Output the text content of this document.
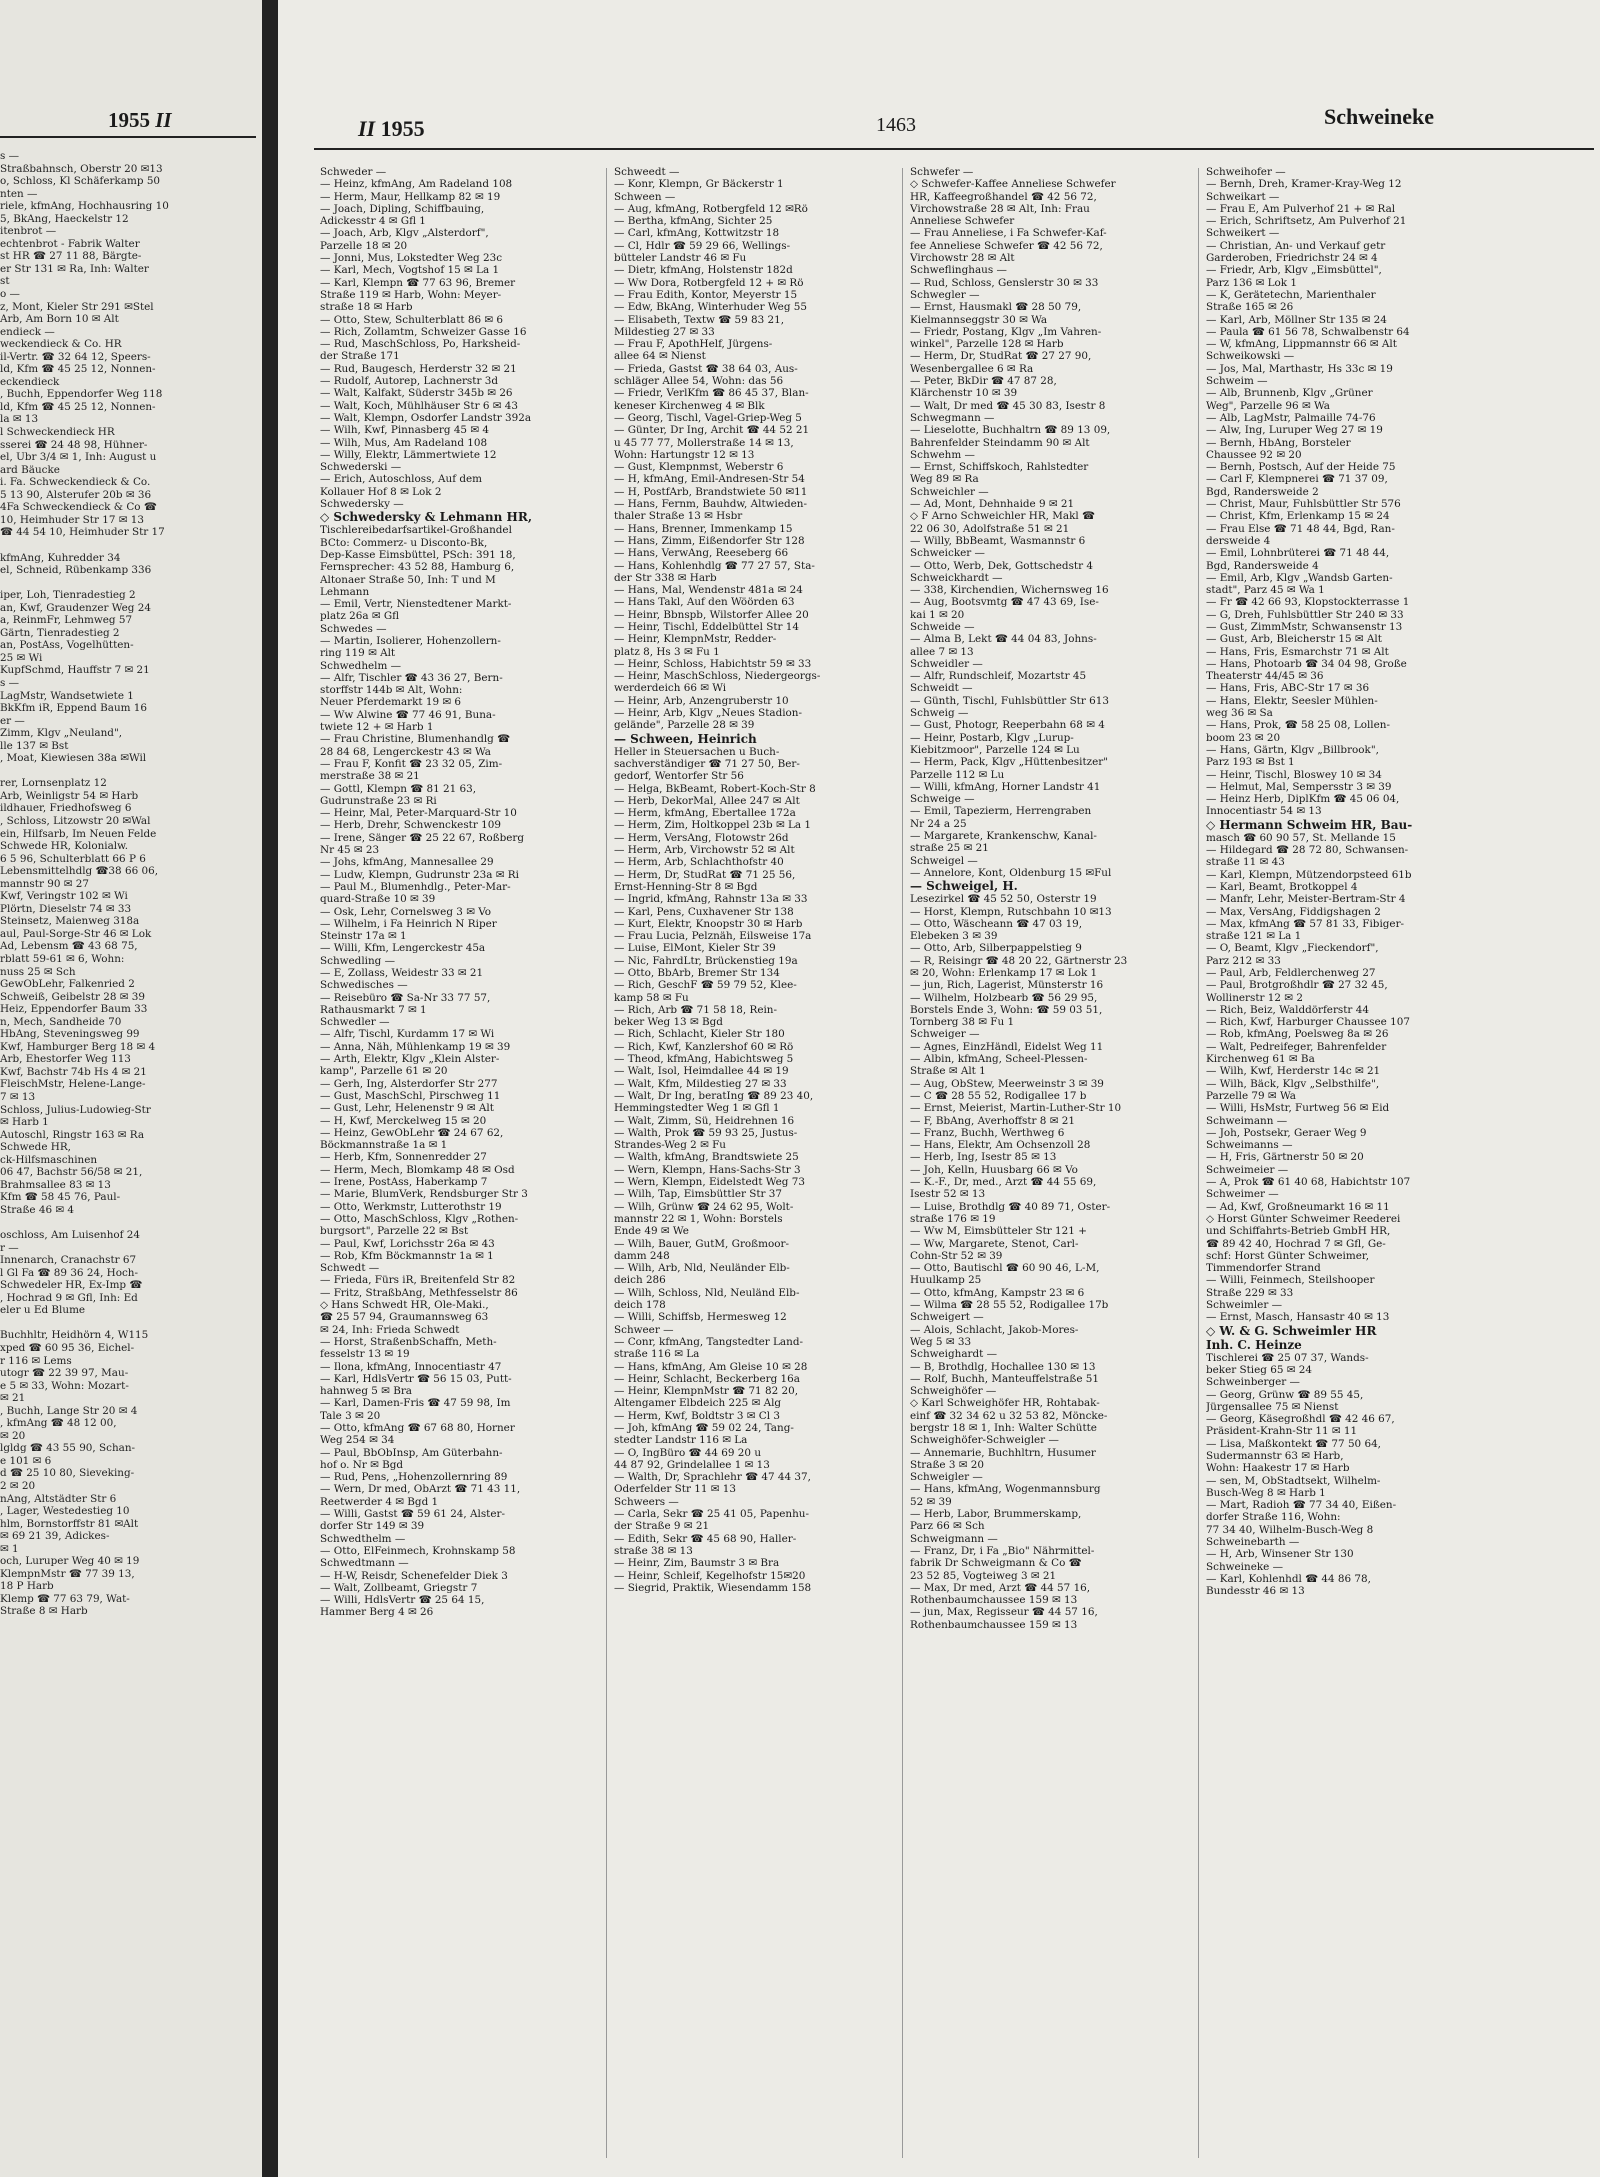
1955 II
s —
Straßbahnsch, Oberstr 20 ✉13
o, Schloss, Kl Schäferkamp 50
nten —
riele, kfmAng, Hochhausring 10
5, BkAng, Haeckelstr 12
itenbrot —
echtenbrot - Fabrik Walter
st HR ☎ 27 11 88, Bärgte-
er Str 131 ✉ Ra, Inh: Walter
st
o —
z, Mont, Kieler Str 291 ✉Stel
Arb, Am Born 10 ✉ Alt
endieck —
weckendieck & Co. HR
il-Vertr. ☎ 32 64 12, Speers-
ld, Kfm ☎ 45 25 12, Nonnen-
eckendieck
, Buchh, Eppendorfer Weg 118
ld, Kfm ☎ 45 25 12, Nonnen-
la ✉ 13
l Schweckendieck HR
sserei ☎ 24 48 98, Hühner-
el, Ubr 3/4 ✉ 1, Inh: August u
ard Bäucke
i. Fa. Schweckendieck & Co.
5 13 90, Alsterufer 20b ✉ 36
4Fa Schweckendieck & Co ☎
10, Heimhuder Str 17 ✉ 13
☎ 44 54 10, Heimhuder Str 17

kfmAng, Kuhredder 34
el, Schneid, Rübenkamp 336

iper, Loh, Tienradestieg 2
an, Kwf, Graudenzer Weg 24
a, ReinmFr, Lehmweg 57
Gärtn, Tienradestieg 2
an, PostAss, Vogelhütten-
25 ✉ Wi
KupfSchmd, Hauffstr 7 ✉ 21
s —
LagMstr, Wandsetwiete 1
BkKfm iR, Eppend Baum 16
er —
Zimm, Klgv „Neuland",
lle 137 ✉ Bst
, Moat, Kiewiesen 38a ✉Wil

rer, Lornsenplatz 12
Arb, Weinligstr 54 ✉ Harb
ildhauer, Friedhofsweg 6
, Schloss, Litzowstr 20 ✉Wal
ein, Hilfsarb, Im Neuen Felde
Schwede HR, Kolonialw.
6 5 96, Schulterblatt 66 P 6
Lebensmittelhdlg ☎38 66 06,
mannstr 90 ✉ 27
Kwf, Veringstr 102 ✉ Wi
Plörtn, Dieselstr 74 ✉ 33
Steinsetz, Maienweg 318a
aul, Paul-Sorge-Str 46 ✉ Lok
Ad, Lebensm ☎ 43 68 75,
rblatt 59-61 ✉ 6, Wohn:
nuss 25 ✉ Sch
GewObLehr, Falkenried 2
Schweiß, Geibelstr 28 ✉ 39
Heiz, Eppendorfer Baum 33
n, Mech, Sandheide 70
HbAng, Steveningsweg 99
Kwf, Hamburger Berg 18 ✉ 4
Arb, Ehestorfer Weg 113
Kwf, Bachstr 74b Hs 4 ✉ 21
FleischMstr, Helene-Lange-
7 ✉ 13
Schloss, Julius-Ludowieg-Str
✉ Harb 1
Autoschl, Ringstr 163 ✉ Ra
Schwede HR,
ck-Hilfsmaschinen
06 47, Bachstr 56/58 ✉ 21,
Brahmsallee 83 ✉ 13
Kfm ☎ 58 45 76, Paul-
Straße 46 ✉ 4

oschloss, Am Luisenhof 24
r —
Innenarch, Cranachstr 67
l Gl Fa ☎ 89 36 24, Hoch-
Schwedeler HR, Ex-Imp ☎
, Hochrad 9 ✉ Gfl, Inh: Ed
eler u Ed Blume

Buchhltr, Heidhörn 4, W115
xped ☎ 60 95 36, Eichel-
r 116 ✉ Lems
utogr ☎ 22 39 97, Mau-
e 5 ✉ 33, Wohn: Mozart-
✉ 21
, Buchh, Lange Str 20 ✉ 4
, kfmAng ☎ 48 12 00,
✉ 20
lgldg ☎ 43 55 90, Schan-
e 101 ✉ 6
d ☎ 25 10 80, Sieveking-
2 ✉ 20
nAng, Altstädter Str 6
, Lager, Westedestieg 10
hlm, Bornstorffstr 81 ✉Alt
✉ 69 21 39, Adickes-
✉ 1
och, Luruper Weg 40 ✉ 19
KlempnMstr ☎ 77 39 13,
18 P Harb
Klemp ☎ 77 63 79, Wat-
Straße 8 ✉ Harb
II 1955	1463	Schweineke
Schweder —
— Heinz, kfmAng, Am Radeland 108
— Herm, Maur, Hellkamp 82 ✉ 19
— Joach, Dipling, Schiffbauing,
Adickesstr 4 ✉ Gfl 1
— Joach, Arb, Klgv „Alsterdorf",
Parzelle 18 ✉ 20
— Jonni, Mus, Lokstedter Weg 23c
— Karl, Mech, Vogtshof 15 ✉ La 1
— Karl, Klempn ☎ 77 63 96, Bremer
Straße 119 ✉ Harb, Wohn: Meyer-
straße 18 ✉ Harb
— Otto, Stew, Schulterblatt 86 ✉ 6
— Rich, Zollamtm, Schweizer Gasse 16
— Rud, MaschSchloss, Po, Harksheid-
der Straße 171
— Rud, Baugesch, Herderstr 32 ✉ 21
— Rudolf, Autorep, Lachnerstr 3d
— Walt, Kalfakt, Süderstr 345b ✉ 26
— Walt, Koch, Mühlhäuser Str 6 ✉ 43
— Walt, Klempn, Osdorfer Landstr 392a
— Wilh, Kwf, Pinnasberg 45 ✉ 4
— Wilh, Mus, Am Radeland 108
— Willy, Elektr, Lämmertwiete 12
Schwederski —
— Erich, Autoschloss, Auf dem
Kollauer Hof 8 ✉ Lok 2
Schwedersky —
◇ Schwedersky & Lehmann HR,
Tischlereibedarfsartikel-Großhandel
BCto: Commerz- u Disconto-Bk,
Dep-Kasse Eimsbüttel, PSch: 391 18,
Fernsprecher: 43 52 88, Hamburg 6,
Altonaer Straße 50, Inh: T und M
Lehmann
— Emil, Vertr, Nienstedtener Markt-
platz 26a ✉ Gfl
Schwedes —
— Martin, Isolierer, Hohenzollern-
ring 119 ✉ Alt
Schwedhelm —
— Alfr, Tischler ☎ 43 36 27, Bern-
storffstr 144b ✉ Alt, Wohn:
Neuer Pferdemarkt 19 ✉ 6
— Ww Alwine ☎ 77 46 91, Buna-
twiete 12 + ✉ Harb 1
— Frau Christine, Blumenhandlg ☎
28 84 68, Lengerckestr 43 ✉ Wa
— Frau F, Konfit ☎ 23 32 05, Zim-
merstraße 38 ✉ 21
— Gottl, Klempn ☎ 81 21 63,
Gudrunstraße 23 ✉ Ri
— Heinr, Mal, Peter-Marquard-Str 10
— Herb, Drehr, Schwenckestr 109
— Irene, Sänger ☎ 25 22 67, Roßberg
Nr 45 ✉ 23
— Johs, kfmAng, Mannesallee 29
— Ludw, Klempn, Gudrunstr 23a ✉ Ri
— Paul M., Blumenhdlg., Peter-Mar-
quard-Straße 10 ✉ 39
— Osk, Lehr, Cornelsweg 3 ✉ Vo
— Wilhelm, i Fa Heinrich N Riper
Steinstr 17a ✉ 1
— Willi, Kfm, Lengerckestr 45a
Schwedling —
— E, Zollass, Weidestr 33 ✉ 21
Schwedisches —
— Reisebüro ☎ Sa-Nr 33 77 57,
Rathausmarkt 7 ✉ 1
Schwedler —
— Alfr, Tischl, Kurdamm 17 ✉ Wi
— Anna, Näh, Mühlenkamp 19 ✉ 39
— Arth, Elektr, Klgv „Klein Alster-
kamp", Parzelle 61 ✉ 20
— Gerh, Ing, Alsterdorfer Str 277
— Gust, MaschSchl, Pirschweg 11
— Gust, Lehr, Helenenstr 9 ✉ Alt
— H, Kwf, Merckelweg 15 ✉ 20
— Heinz, GewObLehr ☎ 24 67 62,
Böckmannstraße 1a ✉ 1
— Herb, Kfm, Sonnenredder 27
— Herm, Mech, Blomkamp 48 ✉ Osd
— Irene, PostAss, Haberkamp 7
— Marie, BlumVerk, Rendsburger Str 3
— Otto, Werkmstr, Lutterothstr 19
— Otto, MaschSchloss, Klgv „Rothen-
burgsort", Parzelle 22 ✉ Bst
— Paul, Kwf, Lorichsstr 26a ✉ 43
— Rob, Kfm Böckmannstr 1a ✉ 1
Schwedt —
— Frieda, Fürs iR, Breitenfeld Str 82
— Fritz, StraßbAng, Methfesselstr 86
◇ Hans Schwedt HR, Ole-Maki.,
☎ 25 57 94, Graumannsweg 63
✉ 24, Inh: Frieda Schwedt
— Horst, StraßenbSchaffn, Meth-
fesselstr 13 ✉ 19
— Ilona, kfmAng, Innocentiastr 47
— Karl, HdlsVertr ☎ 56 15 03, Putt-
hahnweg 5 ✉ Bra
— Karl, Damen-Fris ☎ 47 59 98, Im
Tale 3 ✉ 20
— Otto, kfmAng ☎ 67 68 80, Horner
Weg 254 ✉ 34
— Paul, BbObInsp, Am Güterbahn-
hof o. Nr ✉ Bgd
— Rud, Pens, „Hohenzollernring 89
— Wern, Dr med, ObArzt ☎ 71 43 11,
Reetwerder 4 ✉ Bgd 1
— Willi, Gastst ☎ 59 61 24, Alster-
dorfer Str 149 ✉ 39
Schwedthelm —
— Otto, ElFeinmech, Krohnskamp 58
Schwedtmann —
— H-W, Reisdr, Schenefelder Diek 3
— Walt, Zollbeamt, Griegstr 7
— Willi, HdlsVertr ☎ 25 64 15,
Hammer Berg 4 ✉ 26
Schweedt —
— Konr, Klempn, Gr Bäckerstr 1
Schween —
— Aug, kfmAng, Rotbergfeld 12 ✉Rö
— Bertha, kfmAng, Sichter 25
— Carl, kfmAng, Kottwitzstr 18
— Cl, Hdlr ☎ 59 29 66, Wellings-
bütteler Landstr 46 ✉ Fu
— Dietr, kfmAng, Holstenstr 182d
— Ww Dora, Rotbergfeld 12 + ✉ Rö
— Frau Edith, Kontor, Meyerstr 15
— Edw, BkAng, Winterhuder Weg 55
— Elisabeth, Textw ☎ 59 83 21,
Mildestieg 27 ✉ 33
— Frau F, ApothHelf, Jürgens-
allee 64 ✉ Nienst
— Frieda, Gastst ☎ 38 64 03, Aus-
schläger Allee 54, Wohn: das 56
— Friedr, VerlKfm ☎ 86 45 37, Blan-
keneser Kirchenweg 4 ✉ Blk
— Georg, Tischl, Vagel-Griep-Weg 5
— Günter, Dr Ing, Archit ☎ 44 52 21
u 45 77 77, Mollerstraße 14 ✉ 13,
Wohn: Hartungstr 12 ✉ 13
— Gust, Klempnmst, Weberstr 6
— H, kfmAng, Emil-Andresen-Str 54
— H, PostfArb, Brandstwiete 50 ✉11
— Hans, Fernm, Bauhdw, Altwieden-
thaler Straße 13 ✉ Hsbr
— Hans, Brenner, Immenkamp 15
— Hans, Zimm, Eißendorfer Str 128
— Hans, VerwAng, Reeseberg 66
— Hans, Kohlenhdlg ☎ 77 27 57, Sta-
der Str 338 ✉ Harb
— Hans, Mal, Wendenstr 481a ✉ 24
— Hans Takl, Auf den Wöörden 63
— Heinr, Bbnspb, Wilstorfer Allee 20
— Heinr, Tischl, Eddelbüttel Str 14
— Heinr, KlempnMstr, Redder-
platz 8, Hs 3 ✉ Fu 1
— Heinr, Schloss, Habichtstr 59 ✉ 33
— Heinr, MaschSchloss, Niedergeorgs-
werderdeich 66 ✉ Wi
— Heinr, Arb, Anzengruberstr 10
— Heinr, Arb, Klgv „Neues Stadion-
gelände", Parzelle 28 ✉ 39
— Schween, Heinrich
Heller in Steuersachen u Buch-
sachverständiger ☎ 71 27 50, Ber-
gedorf, Wentorfer Str 56
— Helga, BkBeamt, Robert-Koch-Str 8
— Herb, DekorMal, Allee 247 ✉ Alt
— Herm, kfmAng, Ebertallee 172a
— Herm, Zim, Holtkoppel 23b ✉ La 1
— Herm, VersAng, Flotowstr 26d
— Herm, Arb, Virchowstr 52 ✉ Alt
— Herm, Arb, Schlachthofstr 40
— Herm, Dr, StudRat ☎ 71 25 56,
Ernst-Henning-Str 8 ✉ Bgd
— Ingrid, kfmAng, Rahnstr 13a ✉ 33
— Karl, Pens, Cuxhavener Str 138
— Kurt, Elektr, Knoopstr 30 ✉ Harb
— Frau Lucia, Pelznäh, Eilsweise 17a
— Luise, ElMont, Kieler Str 39
— Nic, FahrdLtr, Brückenstieg 19a
— Otto, BbArb, Bremer Str 134
— Rich, GeschF ☎ 59 79 52, Klee-
kamp 58 ✉ Fu
— Rich, Arb ☎ 71 58 18, Rein-
beker Weg 13 ✉ Bgd
— Rich, Schlacht, Kieler Str 180
— Rich, Kwf, Kanzlershof 60 ✉ Rö
— Theod, kfmAng, Habichtsweg 5
— Walt, Isol, Heimdallee 44 ✉ 19
— Walt, Kfm, Mildestieg 27 ✉ 33
— Walt, Dr Ing, beratIng ☎ 89 23 40,
Hemmingstedter Weg 1 ✉ Gfl 1
— Walt, Zimm, Sü, Heidrehnen 16
— Walth, Prok ☎ 59 93 25, Justus-
Strandes-Weg 2 ✉ Fu
— Walth, kfmAng, Brandtswiete 25
— Wern, Klempn, Hans-Sachs-Str 3
— Wern, Klempn, Eidelstedt Weg 73
— Wilh, Tap, Eimsbüttler Str 37
— Wilh, Grünw ☎ 24 62 95, Wolt-
mannstr 22 ✉ 1, Wohn: Borstels
Ende 49 ✉ We
— Wilh, Bauer, GutM, Großmoor-
damm 248
— Wilh, Arb, Nld, Neuländer Elb-
deich 286
— Wilh, Schloss, Nld, Neuländ Elb-
deich 178
— Willi, Schiffsb, Hermesweg 12
Schweer —
— Conr, kfmAng, Tangstedter Land-
straße 116 ✉ La
— Hans, kfmAng, Am Gleise 10 ✉ 28
— Heinr, Schlacht, Beckerberg 16a
— Heinr, KlempnMstr ☎ 71 82 20,
Altengamer Elbdeich 225 ✉ Alg
— Herm, Kwf, Boldtstr 3 ✉ Cl 3
— Joh, kfmAng ☎ 59 02 24, Tang-
stedter Landstr 116 ✉ La
— O, IngBüro ☎ 44 69 20 u
44 87 92, Grindelallee 1 ✉ 13
— Walth, Dr, Sprachlehr ☎ 47 44 37,
Oderfelder Str 11 ✉ 13
Schweers —
— Carla, Sekr ☎ 25 41 05, Papenhu-
der Straße 9 ✉ 21
— Edith, Sekr ☎ 45 68 90, Haller-
straße 38 ✉ 13
— Heinr, Zim, Baumstr 3 ✉ Bra
— Heinr, Schleif, Kegelhofstr 15✉20
— Siegrid, Praktik, Wiesendamm 158
Schwefer —
◇ Schwefer-Kaffee Anneliese Schwefer
HR, Kaffeegroßhandel ☎ 42 56 72,
Virchowstraße 28 ✉ Alt, Inh: Frau
Anneliese Schwefer
— Frau Anneliese, i Fa Schwefer-Kaf-
fee Anneliese Schwefer ☎ 42 56 72,
Virchowstr 28 ✉ Alt
Schweflinghaus —
— Rud, Schloss, Genslerstr 30 ✉ 33
Schwegler —
— Ernst, Hausmakl ☎ 28 50 79,
Kielmannseggstr 30 ✉ Wa
— Friedr, Postang, Klgv „Im Vahren-
winkel", Parzelle 128 ✉ Harb
— Herm, Dr, StudRat ☎ 27 27 90,
Wesenbergallee 6 ✉ Ra
— Peter, BkDir ☎ 47 87 28,
Klärchenstr 10 ✉ 39
— Walt, Dr med ☎ 45 30 83, Isestr 8
Schwegmann —
— Lieselotte, Buchhaltrn ☎ 89 13 09,
Bahrenfelder Steindamm 90 ✉ Alt
Schwehm —
— Ernst, Schiffskoch, Rahlstedter
Weg 89 ✉ Ra
Schweichler —
— Ad, Mont, Dehnhaide 9 ✉ 21
◇ F Arno Schweichler HR, Makl ☎
22 06 30, Adolfstraße 51 ✉ 21
— Willy, BbBeamt, Wasmannstr 6
Schweicker —
— Otto, Werb, Dek, Gottschedstr 4
Schweickhardt —
— 338, Kirchendien, Wichernsweg 16
— Aug, Bootsvmtg ☎ 47 43 69, Ise-
kai 1 ✉ 20
Schweide —
— Alma B, Lekt ☎ 44 04 83, Johns-
allee 7 ✉ 13
Schweidler —
— Alfr, Rundschleif, Mozartstr 45
Schweidt —
— Günth, Tischl, Fuhlsbüttler Str 613
Schweig —
— Gust, Photogr, Reeperbahn 68 ✉ 4
— Heinr, Postarb, Klgv „Lurup-
Kiebitzmoor", Parzelle 124 ✉ Lu
— Herm, Pack, Klgv „Hüttenbesitzer"
Parzelle 112 ✉ Lu
— Willi, kfmAng, Horner Landstr 41
Schweige —
— Emil, Tapezierm, Herrengraben
Nr 24 a 25
— Margarete, Krankenschw, Kanal-
straße 25 ✉ 21
Schweigel —
— Annelore, Kont, Oldenburg 15 ✉Ful
— Schweigel, H.
Lesezirkel ☎ 45 52 50, Osterstr 19
— Horst, Klempn, Rutschbahn 10 ✉13
— Otto, Wäscheann ☎ 47 03 19,
Elebeken 3 ✉ 39
— Otto, Arb, Silberpappelstieg 9
— R, Reisingr ☎ 48 20 22, Gärtnerstr 23
✉ 20, Wohn: Erlenkamp 17 ✉ Lok 1
— jun, Rich, Lagerist, Münsterstr 16
— Wilhelm, Holzbearb ☎ 56 29 95,
Borstels Ende 3, Wohn: ☎ 59 03 51,
Tornberg 38 ✉ Fu 1
Schweiger —
— Agnes, EinzHändl, Eidelst Weg 11
— Albin, kfmAng, Scheel-Plessen-
Straße ✉ Alt 1
— Aug, ObStew, Meerweinstr 3 ✉ 39
— C ☎ 28 55 52, Rodigallee 17 b
— Ernst, Meierist, Martin-Luther-Str 10
— F, BbAng, Averhoffstr 8 ✉ 21
— Franz, Buchh, Werthweg 6
— Hans, Elektr, Am Ochsenzoll 28
— Herb, Ing, Isestr 85 ✉ 13
— Joh, Kelln, Huusbarg 66 ✉ Vo
— K.-F., Dr, med., Arzt ☎ 44 55 69,
Isestr 52 ✉ 13
— Luise, Brothdlg ☎ 40 89 71, Oster-
straße 176 ✉ 19
— Ww M, Eimsbütteler Str 121 +
— Ww, Margarete, Stenot, Carl-
Cohn-Str 52 ✉ 39
— Otto, Bautischl ☎ 60 90 46, L-M,
Huulkamp 25
— Otto, kfmAng, Kampstr 23 ✉ 6
— Wilma ☎ 28 55 52, Rodigallee 17b
Schweigert —
— Alois, Schlacht, Jakob-Mores-
Weg 5 ✉ 33
Schweighardt —
— B, Brothdlg, Hochallee 130 ✉ 13
— Rolf, Buchh, Manteuffelstraße 51
Schweighöfer —
◇ Karl Schweighöfer HR, Rohtabak-
einf ☎ 32 34 62 u 32 53 82, Mönckе-
bergstr 18 ✉ 1, Inh: Walter Schütte
Schweighöfer-Schweigler —
— Annemarie, Buchhltrn, Husumer
Straße 3 ✉ 20
Schweigler —
— Hans, kfmAng, Wogenmannsburg
52 ✉ 39
— Herb, Labor, Brummerskamp,
Parz 66 ✉ Sch
Schweigmann —
— Franz, Dr, i Fa „Bio" Nährmittel-
fabrik Dr Schweigmann & Co ☎
23 52 85, Vogteiweg 3 ✉ 21
— Max, Dr med, Arzt ☎ 44 57 16,
Rothenbaumchaussee 159 ✉ 13
— jun, Max, Regisseur ☎ 44 57 16,
Rothenbaumchaussee 159 ✉ 13
Schweihofer —
— Bernh, Dreh, Kramer-Kray-Weg 12
Schweikart —
— Frau E, Am Pulverhof 21 + ✉ Ral
— Erich, Schriftsetz, Am Pulverhof 21
Schweikert —
— Christian, An- und Verkauf getr
Garderoben, Friedrichstr 24 ✉ 4
— Friedr, Arb, Klgv „Eimsbüttel",
Parz 136 ✉ Lok 1
— K, Gerätetechn, Marienthaler
Straße 165 ✉ 26
— Karl, Arb, Möllner Str 135 ✉ 24
— Paula ☎ 61 56 78, Schwalbenstr 64
— W, kfmAng, Lippmannstr 66 ✉ Alt
Schweikowski —
— Jos, Mal, Marthastr, Hs 33c ✉ 19
Schweim —
— Alb, Brunnenb, Klgv „Grüner
Weg", Parzelle 96 ✉ Wa
— Alb, LagMstr, Palmaille 74-76
— Alw, Ing, Luruper Weg 27 ✉ 19
— Bernh, HbAng, Borsteler
Chaussee 92 ✉ 20
— Bernh, Postsch, Auf der Heide 75
— Carl F, Klempnerei ☎ 71 37 09,
Bgd, Randersweide 2
— Christ, Maur, Fuhlsbüttler Str 576
— Christ, Kfm, Erlenkamp 15 ✉ 24
— Frau Else ☎ 71 48 44, Bgd, Ran-
dersweide 4
— Emil, Lohnbrüterei ☎ 71 48 44,
Bgd, Randersweide 4
— Emil, Arb, Klgv „Wandsb Garten-
stadt", Parz 45 ✉ Wa 1
— Fr ☎ 42 66 93, Klopstockterrasse 1
— G, Dreh, Fuhlsbüttler Str 240 ✉ 33
— Gust, ZimmMstr, Schwansenstr 13
— Gust, Arb, Bleicherstr 15 ✉ Alt
— Hans, Fris, Esmarchstr 71 ✉ Alt
— Hans, Photoarb ☎ 34 04 98, Große
Theaterstr 44/45 ✉ 36
— Hans, Fris, ABC-Str 17 ✉ 36
— Hans, Elektr, Seesler Mühlen-
weg 36 ✉ Sa
— Hans, Prok, ☎ 58 25 08, Lollen-
boom 23 ✉ 20
— Hans, Gärtn, Klgv „Billbrook",
Parz 193 ✉ Bst 1
— Heinr, Tischl, Bloswey 10 ✉ 34
— Helmut, Mal, Sempersstr 3 ✉ 39
— Heinz Herb, DiplKfm ☎ 45 06 04,
Innocentiastr 54 ✉ 13
◇ Hermann Schweim HR, Bau-
masch ☎ 60 90 57, St. Mellande 15
— Hildegard ☎ 28 72 80, Schwansen-
straße 11 ✉ 43
— Karl, Klempn, Mützendorpsteed 61b
— Karl, Beamt, Brotkoppel 4
— Manfr, Lehr, Meister-Bertram-Str 4
— Max, VersAng, Fiddigshagen 2
— Max, kfmAng ☎ 57 81 33, Fibiger-
straße 121 ✉ La 1
— O, Beamt, Klgv „Fieckendorf",
Parz 212 ✉ 33
— Paul, Arb, Feldlerchenweg 27
— Paul, Brotgroßhdlr ☎ 27 32 45,
Wollinerstr 12 ✉ 2
— Rich, Beiz, Walddörferstr 44
— Rich, Kwf, Harburger Chaussee 107
— Rob, kfmAng, Poelsweg 8a ✉ 26
— Walt, Pedreifeger, Bahrenfelder
Kirchenweg 61 ✉ Ba
— Wilh, Kwf, Herderstr 14c ✉ 21
— Wilh, Bäck, Klgv „Selbsthilfe",
Parzelle 79 ✉ Wa
— Willi, HsMstr, Furtweg 56 ✉ Eid
Schweimann —
— Joh, Postsekr, Geraer Weg 9
Schweimanns —
— H, Fris, Gärtnerstr 50 ✉ 20
Schweimeier —
— A, Prok ☎ 61 40 68, Habichtstr 107
Schweimer —
— Ad, Kwf, Großneumarkt 16 ✉ 11
◇ Horst Günter Schweimer Reederei
und Schiffahrts-Betrieb GmbH HR,
☎ 89 42 40, Hochrad 7 ✉ Gfl, Ge-
schf: Horst Günter Schweimer,
Timmendorfer Strand
— Willi, Feinmech, Steilshooper
Straße 229 ✉ 33
Schweimler —
— Ernst, Masch, Hansastr 40 ✉ 13
◇ W. & G. Schweimler HR
Inh. C. Heinze
Tischlerei ☎ 25 07 37, Wands-
beker Stieg 65 ✉ 24
Schweinberger —
— Georg, Grünw ☎ 89 55 45,
Jürgensallee 75 ✉ Nienst
— Georg, Käsegroßhdl ☎ 42 46 67,
Präsident-Krahn-Str 11 ✉ 11
— Lisa, Maßkontekt ☎ 77 50 64,
Sudermannstr 63 ✉ Harb,
Wohn: Haakestr 17 ✉ Harb
— sen, M, ObStadtsekt, Wilhelm-
Busch-Weg 8 ✉ Harb 1
— Mart, Radioh ☎ 77 34 40, Eißen-
dorfer Straße 116, Wohn:
77 34 40, Wilhelm-Busch-Weg 8
Schweinebarth —
— H, Arb, Winsener Str 130
Schweineke —
— Karl, Kohlenhdl ☎ 44 86 78,
Bundesstr 46 ✉ 13
